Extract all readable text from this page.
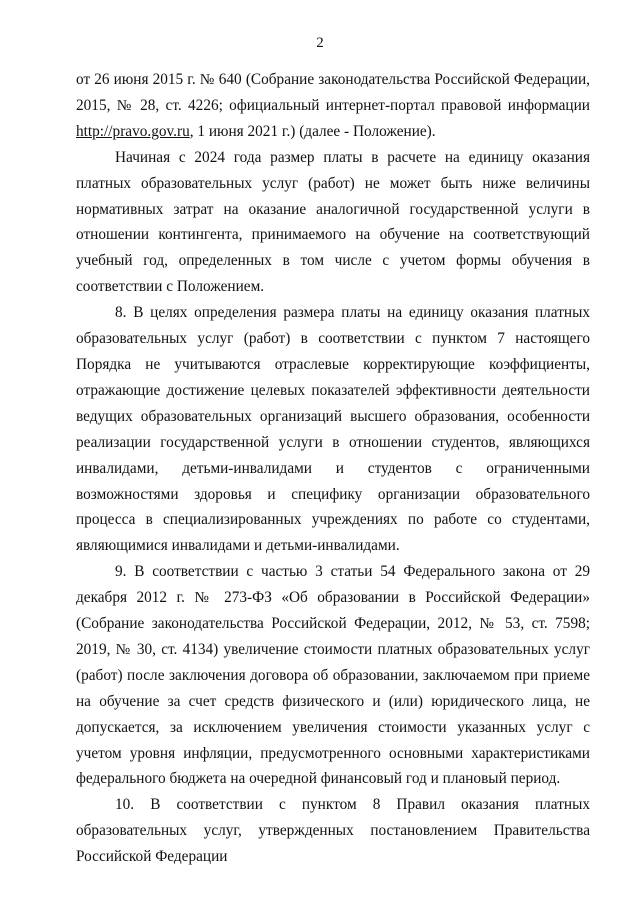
2

от 26 июня 2015 г. № 640 (Собрание законодательства Российской Федерации, 2015, № 28, ст. 4226; официальный интернет-портал правовой информации http://pravo.gov.ru, 1 июня 2021 г.) (далее - Положение).

Начиная с 2024 года размер платы в расчете на единицу оказания платных образовательных услуг (работ) не может быть ниже величины нормативных затрат на оказание аналогичной государственной услуги в отношении контингента, принимаемого на обучение на соответствующий учебный год, определенных в том числе с учетом формы обучения в соответствии с Положением.

8. В целях определения размера платы на единицу оказания платных образовательных услуг (работ) в соответствии с пунктом 7 настоящего Порядка не учитываются отраслевые корректирующие коэффициенты, отражающие достижение целевых показателей эффективности деятельности ведущих образовательных организаций высшего образования, особенности реализации государственной услуги в отношении студентов, являющихся инвалидами, детьми-инвалидами и студентов с ограниченными возможностями здоровья и специфику организации образовательного процесса в специализированных учреждениях по работе со студентами, являющимися инвалидами и детьми-инвалидами.

9. В соответствии с частью 3 статьи 54 Федерального закона от 29 декабря 2012 г. № 273-ФЗ «Об образовании в Российской Федерации» (Собрание законодательства Российской Федерации, 2012, № 53, ст. 7598; 2019, № 30, ст. 4134) увеличение стоимости платных образовательных услуг (работ) после заключения договора об образовании, заключаемом при приеме на обучение за счет средств физического и (или) юридического лица, не допускается, за исключением увеличения стоимости указанных услуг с учетом уровня инфляции, предусмотренного основными характеристиками федерального бюджета на очередной финансовый год и плановый период.

10. В соответствии с пунктом 8 Правил оказания платных образовательных услуг, утвержденных постановлением Правительства Российской Федерации
